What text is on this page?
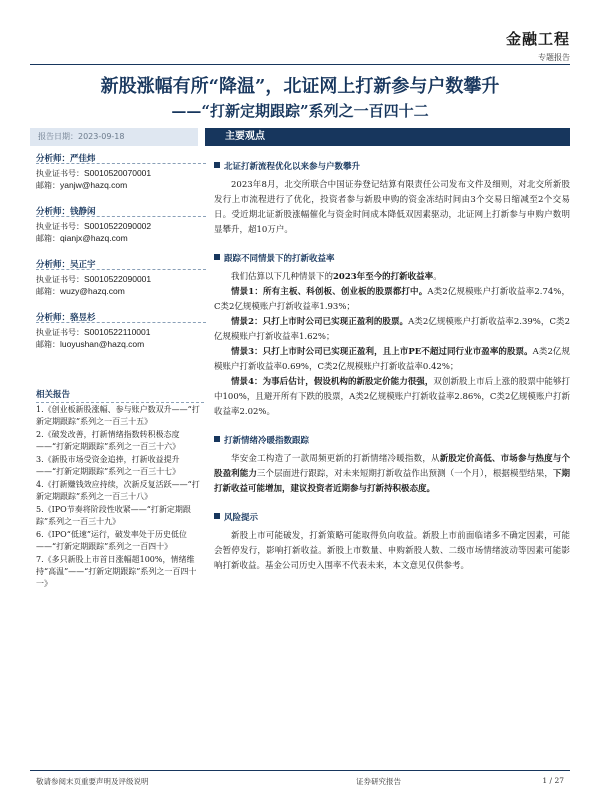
金融工程
专题报告
新股涨幅有所“降温”，北证网上打新参与户数攀升
——“打新定期跟踪”系列之一百四十二
报告日期：2023-09-18	主要观点
分析师：严佳炜
执业证书号：S0010520070001
邮箱：yanjw@hazq.com
分析师：钱静闲
执业证书号：S0010522090002
邮箱：qianjx@hazq.com
分析师：吴正宇
执业证书号：S0010522090001
邮箱：wuzy@hazq.com
分析师：骆昱杉
执业证书号：S0010522110001
邮箱：luoyushan@hazq.com
相关报告
1.《创业板新股涨幅、参与账户数双升——“打新定期跟踪”系列之一百三十五》
2.《破发改善，打新情绪指数转积极态度——“打新定期跟踪”系列之一百三十六》
3.《新股市场受资金追捧，打新收益提升——“打新定期跟踪”系列之一百三十七》
4.《打新赚钱效应持续，次新反复活跃——“打新定期跟踪”系列之一百三十八》
5.《IPO节奏将阶段性收紧——“打新定期跟踪”系列之一百三十九》
6.《IPO“低速”运行，破发率处于历史低位——“打新定期跟踪”系列之一百四十》
7.《多只新股上市首日涨幅超100%，情绪维持“高温”——“打新定期跟踪”系列之一百四十一》
北证打新流程优化以来参与户数攀升

2023年8月，北交所联合中国证券登记结算有限责任公司发布文件及细则，对北交所新股发行上市流程进行了优化，投资者参与新股申购的资金冻结时间由3个交易日缩减至2个交易日。受近期北证新股涨幅催化与资金时间成本降低双因素驱动，北证网上打新参与申购户数明显攀升，超10万户。

跟踪不同情景下的打新收益率

我们估算以下几种情景下的2023年至今的打新收益率。

情景1：所有主板、科创板、创业板的股票都打中。A类2亿规模账户打新收益率2.74%，C类2亿规模账户打新收益率1.93%；

情景2：只打上市时公司已实现正盈利的股票。A类2亿规模账户打新收益率2.39%，C类2亿规模账户打新收益率1.62%；

情景3：只打上市时公司已实现正盈利，且上市PE不超过同行业市盈率的股票。A类2亿规模账户打新收益率0.69%，C类2亿规模账户打新收益率0.42%；

情景4：为事后估计，假设机构的新股定价能力很强，双创新股上市后上涨的股票中能够打中100%，且避开所有下跌的股票，A类2亿规模账户打新收益率2.86%，C类2亿规模账户打新收益率2.02%。

打新情绪冷暖指数跟踪

华安金工构造了一款周频更新的打新情绪冷暖指数，从新股定价高低、市场参与热度与个股盈利能力三个层面进行跟踪，对未来短期打新收益作出预测（一个月），根据模型结果，下期打新收益可能增加，建议投资者近期参与打新持积极态度。

风险提示

新股上市可能破发，打新策略可能取得负向收益。新股上市前面临诸多不确定因素，可能会暂停发行，影响打新收益。新股上市数量、申购新股人数、二级市场情绪波动等因素可能影响打新收益。基金公司历史入围率不代表未来，本文意见仅供参考。

敬请参阅末页重要声明及评级说明	证券研究报告	1 / 27
